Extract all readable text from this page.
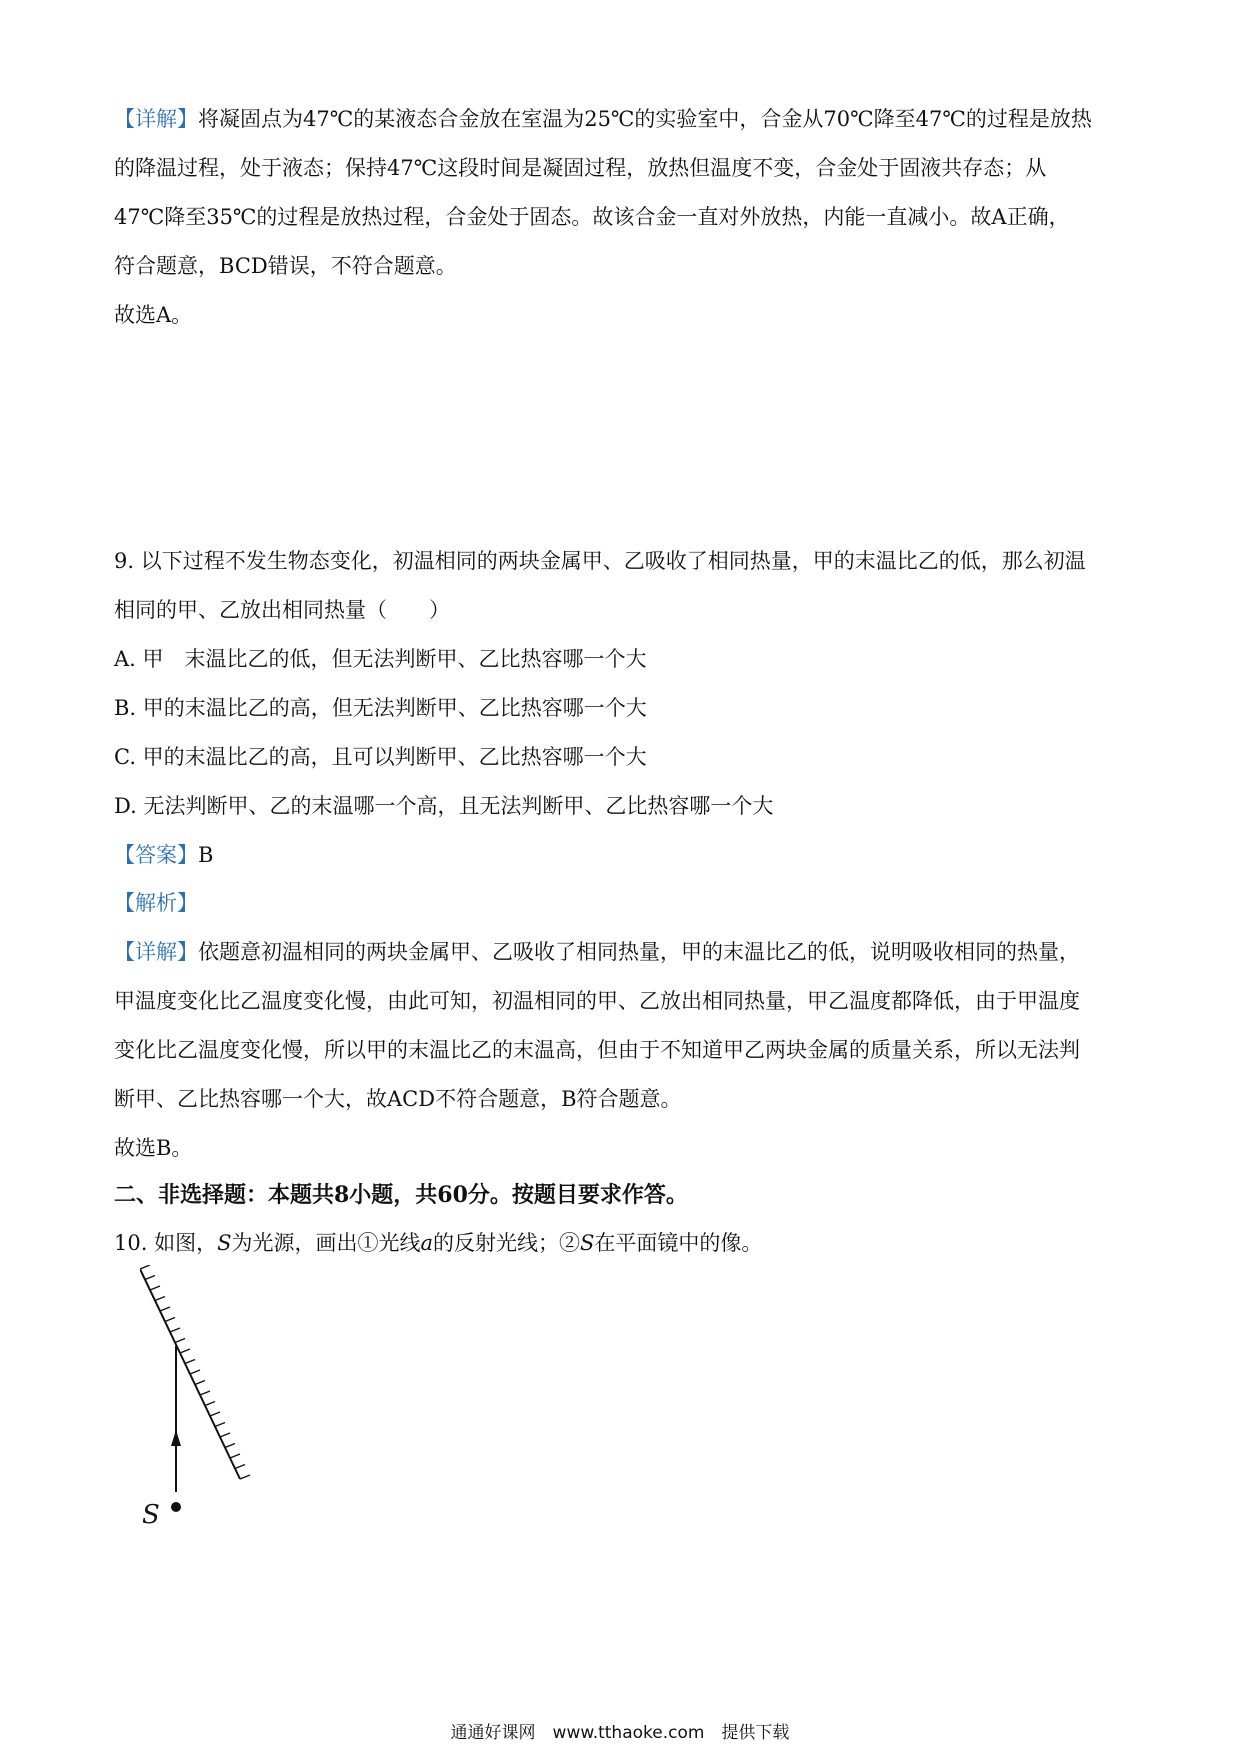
【详解】将凝固点为47℃的某液态合金放在室温为25℃的实验室中，合金从70℃降至47℃的过程是放热
的降温过程，处于液态；保持47℃这段时间是凝固过程，放热但温度不变，合金处于固液共存态；从
47℃降至35℃的过程是放热过程，合金处于固态。故该合金一直对外放热，内能一直减小。故A正确，
符合题意，BCD错误，不符合题意。
故选A。
9. 以下过程不发生物态变化，初温相同的两块金属甲、乙吸收了相同热量，甲的末温比乙的低，那么初温
相同的甲、乙放出相同热量（　　）
A. 甲　末温比乙的低，但无法判断甲、乙比热容哪一个大
B. 甲的末温比乙的高，但无法判断甲、乙比热容哪一个大
C. 甲的末温比乙的高，且可以判断甲、乙比热容哪一个大
D. 无法判断甲、乙的末温哪一个高，且无法判断甲、乙比热容哪一个大
【答案】B
【解析】
【详解】依题意初温相同的两块金属甲、乙吸收了相同热量，甲的末温比乙的低，说明吸收相同的热量，
甲温度变化比乙温度变化慢，由此可知，初温相同的甲、乙放出相同热量，甲乙温度都降低，由于甲温度
变化比乙温度变化慢，所以甲的末温比乙的末温高，但由于不知道甲乙两块金属的质量关系，所以无法判
断甲、乙比热容哪一个大，故ACD不符合题意，B符合题意。
故选B。
二、非选择题：本题共8小题，共60分。按题目要求作答。
10. 如图，S为光源，画出①光线a的反射光线；②S在平面镜中的像。
S
通通好课网　www.tthaoke.com　提供下载
